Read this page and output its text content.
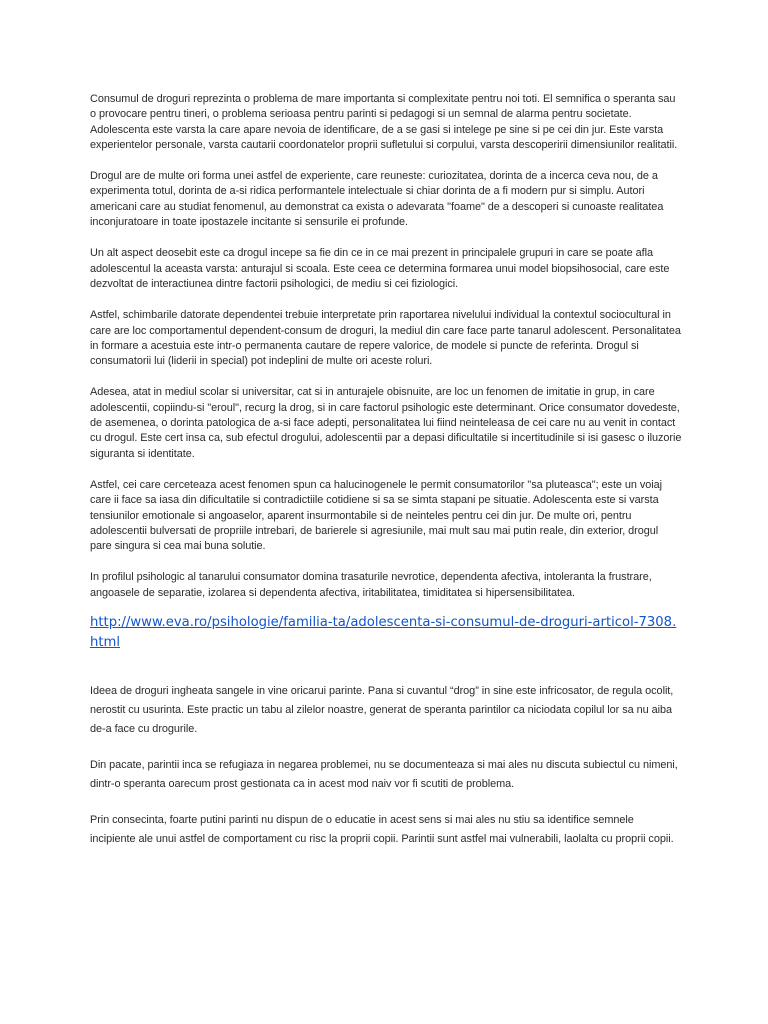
Consumul de droguri reprezinta o problema de mare importanta si complexitate pentru noi toti. El semnifica o speranta sau o provocare pentru tineri, o problema serioasa pentru parinti si pedagogi si un semnal de alarma pentru societate. Adolescenta este varsta la care apare nevoia de identificare, de a se gasi si intelege pe sine si pe cei din jur. Este varsta experientelor personale, varsta cautarii coordonatelor proprii sufletului si corpului, varsta descoperirii dimensiunilor realitatii.

Drogul are de multe ori forma unei astfel de experiente, care reuneste: curiozitatea, dorinta de a incerca ceva nou, de a experimenta totul, dorinta de a-si ridica performantele intelectuale si chiar dorinta de a fi modern pur si simplu. Autori americani care au studiat fenomenul, au demonstrat ca exista o adevarata "foame" de a descoperi si cunoaste realitatea inconjuratoare in toate ipostazele incitante si sensurile ei profunde.

Un alt aspect deosebit este ca drogul incepe sa fie din ce in ce mai prezent in principalele grupuri in care se poate afla adolescentul la aceasta varsta: anturajul si scoala. Este ceea ce determina formarea unui model biopsihosocial, care este dezvoltat de interactiunea dintre factorii psihologici, de mediu si cei fiziologici.

Astfel, schimbarile datorate dependentei trebuie interpretate prin raportarea nivelului individual la contextul sociocultural in care are loc comportamentul dependent-consum de droguri, la mediul din care face parte tanarul adolescent. Personalitatea in formare a acestuia este intr-o permanenta cautare de repere valorice, de modele si puncte de referinta. Drogul si consumatorii lui (liderii in special) pot indeplini de multe ori aceste roluri.

Adesea, atat in mediul scolar si universitar, cat si in anturajele obisnuite, are loc un fenomen de imitatie in grup, in care adolescentii, copiindu-si "eroul", recurg la drog, si in care factorul psihologic este determinant. Orice consumator dovedeste, de asemenea, o dorinta patologica de a-si face adepti, personalitatea lui fiind neinteleasa de cei care nu au venit in contact cu drogul. Este cert insa ca, sub efectul drogului, adolescentii par a depasi dificultatile si incertitudinile si isi gasesc o iluzorie siguranta si identitate.

Astfel, cei care cerceteaza acest fenomen spun ca halucinogenele le permit consumatorilor "sa pluteasca"; este un voiaj care ii face sa iasa din dificultatile si contradictiile cotidiene si sa se simta stapani pe situatie. Adolescenta este si varsta tensiunilor emotionale si angoaselor, aparent insurmontabile si de neinteles pentru cei din jur. De multe ori, pentru adolescentii bulversati de propriile intrebari, de barierele si agresiunile, mai mult sau mai putin reale, din exterior, drogul pare singura si cea mai buna solutie.

In profilul psihologic al tanarului consumator domina trasaturile nevrotice, dependenta afectiva, intoleranta la frustrare, angoasele de separatie, izolarea si dependenta afectiva, iritabilitatea, timiditatea si hipersensibilitatea.

http://www.eva.ro/psihologie/familia-ta/adolescenta-si-consumul-de-droguri-articol-7308.html

Ideea de droguri ingheata sangele in vine oricarui parinte. Pana si cuvantul “drog” in sine este infricosator, de regula ocolit, nerostit cu usurinta. Este practic un tabu al zilelor noastre, generat de speranta parintilor ca niciodata copilul lor sa nu aiba de-a face cu drogurile.

Din pacate, parintii inca se refugiaza in negarea problemei, nu se documenteaza si mai ales nu discuta subiectul cu nimeni, dintr-o speranta oarecum prost gestionata ca in acest mod naiv vor fi scutiti de problema.

Prin consecinta, foarte putini parinti nu dispun de o educatie in acest sens si mai ales nu stiu sa identifice semnele incipiente ale unui astfel de comportament cu risc la proprii copii. Parintii sunt astfel mai vulnerabili, laolalta cu proprii copii.
